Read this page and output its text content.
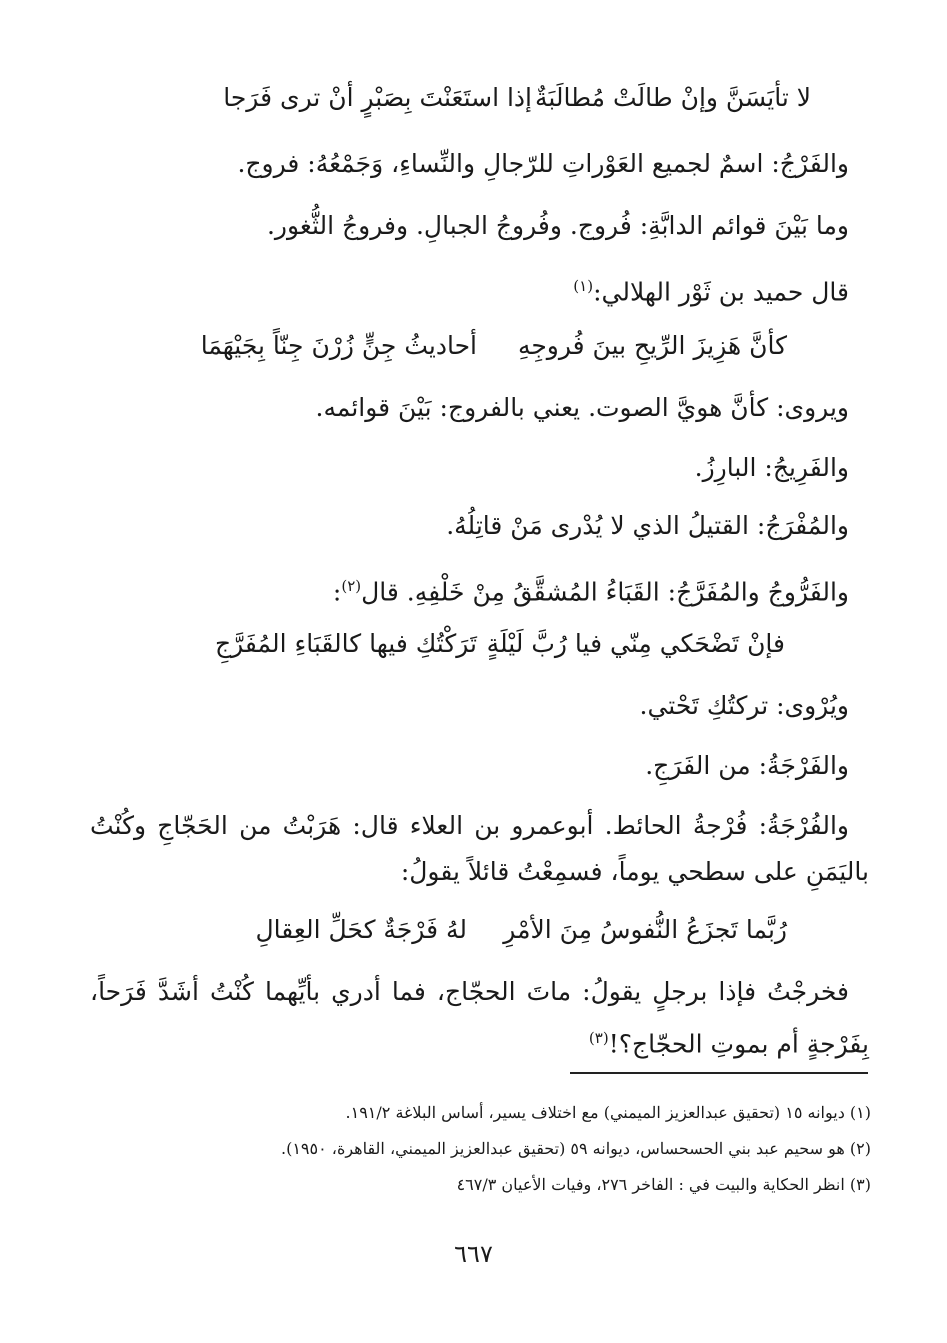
لا تأيَسَنَّ وإنْ طالَتْ مُطالَبَةٌ
إذا استَعَنْتَ بِصَبْرٍ أنْ ترى فَرَجا
والفَرْجُ: اسمٌ لجميع العَوْراتِ للرّجالِ والنِّساءِ، وَجَمْعُهُ: فروج.
وما بَيْنَ قوائم الدابَّةِ: فُروج. وفُروجُ الجبالِ. وفروجُ الثُّغور.
قال حميد بن ثَوْر الهلالي:$^{(١)}$
كأنَّ هَزِيزَ الرِّيحِ بينَ فُروجِهِ
أحاديثُ جِنٍّ زُرْنَ جِنّاً بِجَيْهَمَا
ويروى: كأنَّ هويَّ الصوت. يعني بالفروج: بَيْنَ قوائمه.
والفَرِيجُ: البارِزُ.
والمُفْرَجُ: القتيلُ الذي لا يُدْرى مَنْ قاتِلُهُ.
والفَرُّوجُ والمُفَرَّجُ: القَبَاءُ المُشقَّقُ مِنْ خَلْفِهِ. قال$^{(٢)}$:
فإنْ تَضْحَكي مِنّي فيا رُبَّ لَيْلَةٍ
تَرَكْتُكِ فيها كالقَبَاءِ المُفَرَّجِ
ويُرْوى: تركتُكِ تَحْتي.
والفَرْجَةُ: من الفَرَجِ.
والفُرْجَةُ: فُرْجةُ الحائط. أبوعمرو بن العلاء قال: هَرَبْتُ من الحَجّاجِ وكُنْتُ
باليَمَنِ على سطحي يوماً، فسمِعْتُ قائلاً يقولُ:
رُبَّما تَجزَعُ النُّفوسُ مِنَ الأمْرِ
لهُ فَرْجَةٌ كحَلِّ العِقالِ
فخرجْتُ فإذا برجلٍ يقولُ: ماتَ الحجّاج، فما أدري بأيِّهما كُنْتُ أشَدَّ فَرَحاً،
بِفَرْجةٍ أم بموتِ الحجّاج؟!$^{(٣)}$
(١) ديوانه ١٥ (تحقيق عبدالعزيز الميمني) مع اختلاف يسير، أساس البلاغة ١٩١/٢.
(٢) هو سحيم عبد بني الحسحساس، ديوانه ٥٩ (تحقيق عبدالعزيز الميمني، القاهرة، ١٩٥٠).
(٣) انظر الحكاية والبيت في : الفاخر ٢٧٦، وفيات الأعيان ٤٦٧/٣
٦٦٧
